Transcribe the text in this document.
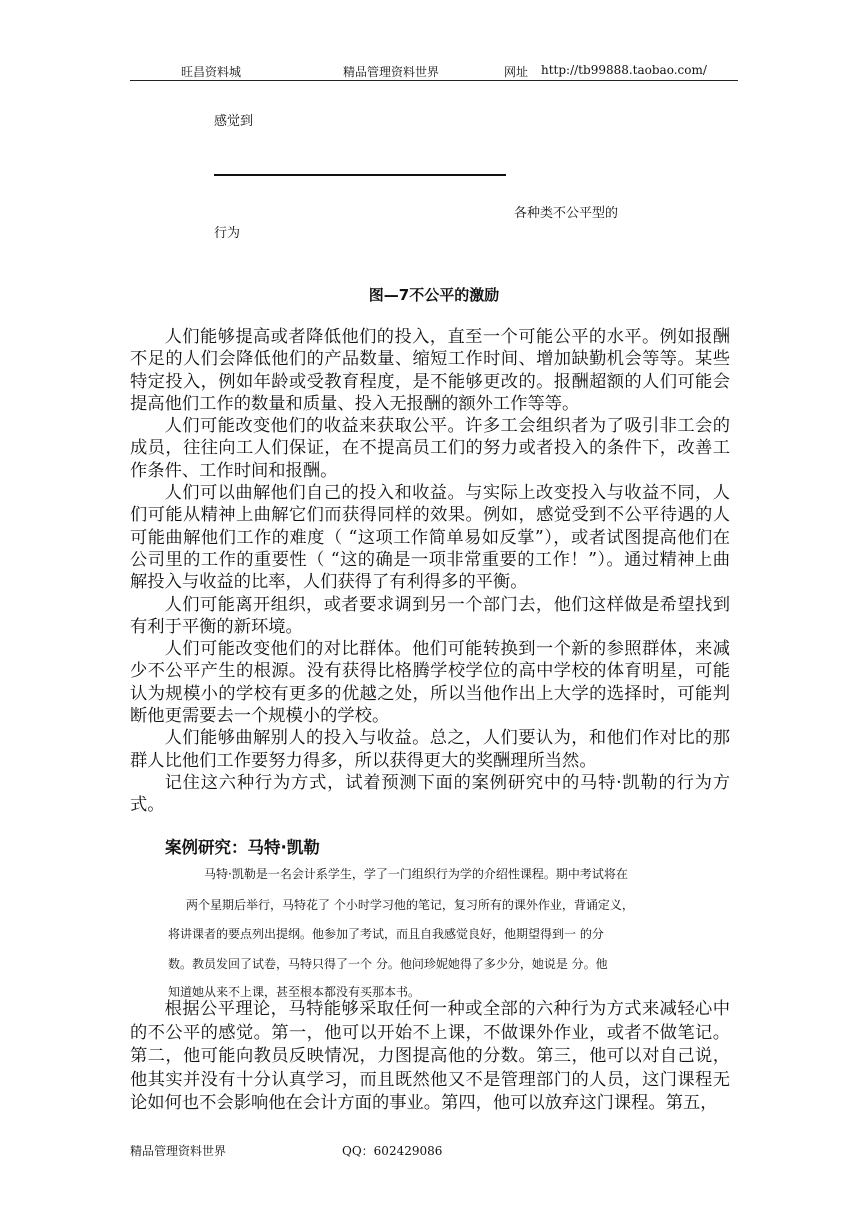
旺昌资料城	精品管理资料世界	网址 http://tb99888.taobao.com/
感觉到
各种类不公平型的
行为
图—7不公平的激励

人们能够提高或者降低他们的投入，直至一个可能公平的水平。例如报酬不足的人们会降低他们的产品数量、缩短工作时间、增加缺勤机会等等。某些特定投入，例如年龄或受教育程度，是不能够更改的。报酬超额的人们可能会提高他们工作的数量和质量、投入无报酬的额外工作等等。

人们可能改变他们的收益来获取公平。许多工会组织者为了吸引非工会的成员，往往向工人们保证，在不提高员工们的努力或者投入的条件下，改善工作条件、工作时间和报酬。

人们可以曲解他们自己的投入和收益。与实际上改变投入与收益不同，人们可能从精神上曲解它们而获得同样的效果。例如，感觉受到不公平待遇的人可能曲解他们工作的难度（ “这项工作简单易如反掌”），或者试图提高他们在公司里的工作的重要性（ “这的确是一项非常重要的工作！”）。通过精神上曲解投入与收益的比率，人们获得了有利得多的平衡。

人们可能离开组织，或者要求调到另一个部门去，他们这样做是希望找到有利于平衡的新环境。

人们可能改变他们的对比群体。他们可能转换到一个新的参照群体，来减少不公平产生的根源。没有获得比格腾学校学位的高中学校的体育明星，可能认为规模小的学校有更多的优越之处，所以当他作出上大学的选择时，可能判断他更需要去一个规模小的学校。

人们能够曲解别人的投入与收益。总之，人们要认为，和他们作对比的那群人比他们工作要努力得多，所以获得更大的奖酬理所当然。

记住这六种行为方式，试着预测下面的案例研究中的马特·凯勒的行为方式。

案例研究：马特·凯勒
马特·凯勒是一名会计系学生，学了一门组织行为学的介绍性课程。期中考试将在
两个星期后举行，马特花了 个小时学习他的笔记，复习所有的课外作业，背诵定义，
将讲课者的要点列出提纲。他参加了考试，而且自我感觉良好，他期望得到一 的分
数。教员发回了试卷，马特只得了一个 分。他问珍妮她得了多少分，她说是 分。他
知道她从来不上课，甚至根本都没有买那本书。

根据公平理论，马特能够采取任何一种或全部的六种行为方式来减轻心中的不公平的感觉。第一，他可以开始不上课，不做课外作业，或者不做笔记。第二，他可能向教员反映情况，力图提高他的分数。第三，他可以对自己说，他其实并没有十分认真学习，而且既然他又不是管理部门的人员，这门课程无论如何也不会影响他在会计方面的事业。第四，他可以放弃这门课程。第五，

精品管理资料世界	QQ：602429086
